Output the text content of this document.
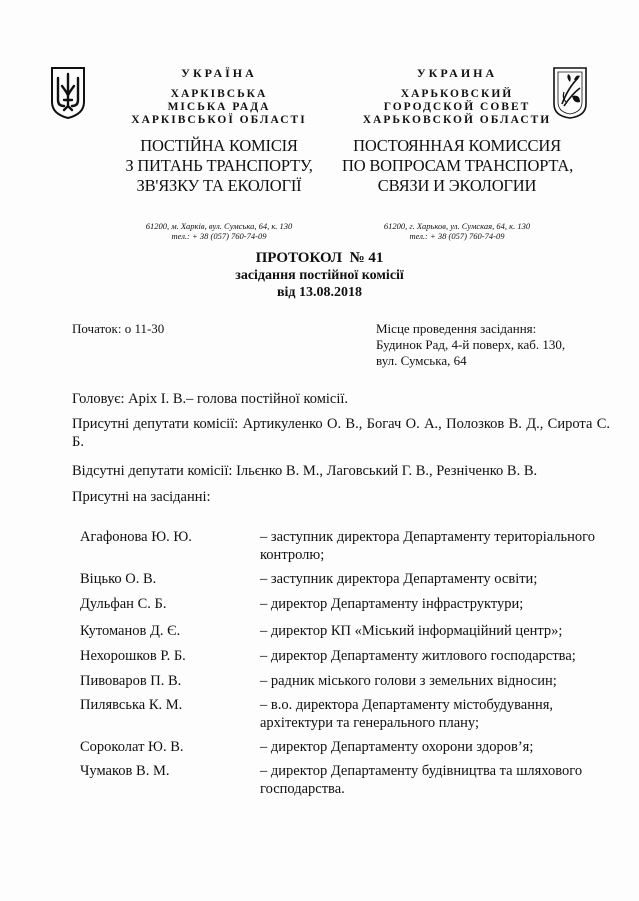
УКРАЇНА
ХАРКІВСЬКА
МІСЬКА РАДА
ХАРКІВСЬКОЇ ОБЛАСТІ
ПОСТІЙНА КОМІСІЯ
З ПИТАНЬ ТРАНСПОРТУ,
ЗВ'ЯЗКУ ТА ЕКОЛОГІЇ
61200, м. Харків, вул. Сумська, 64, к. 130
тел.: + 38 (057) 760-74-09
УКРАИНА
ХАРЬКОВСКИЙ
ГОРОДСКОЙ СОВЕТ
ХАРЬКОВСКОЙ ОБЛАСТИ
ПОСТОЯННАЯ КОМИССИЯ
ПО ВОПРОСАМ ТРАНСПОРТА,
СВЯЗИ И ЭКОЛОГИИ
61200, г. Харьков, ул. Сумская, 64, к. 130
тел.: + 38 (057) 760-74-09
ПРОТОКОЛ  № 41
засідання постійної комісії
від 13.08.2018
Початок: о 11-30	Місце проведення засідання:
Будинок Рад, 4-й поверх, каб. 130,
вул. Сумська, 64
Головує: Аріх І. В.– голова постійної комісії.
Присутні депутати комісії: Артикуленко О. В., Богач О. А., Полозков В. Д., Сирота С. Б.
Відсутні депутати комісії: Ільєнко В. М., Лаговський Г. В., Резніченко В. В.
Присутні на засіданні:
Агафонова Ю. Ю.	– заступник директора Департаменту територіального контролю;
Віцько О. В.	– заступник директора Департаменту освіти;
Дульфан С. Б.	– директор Департаменту інфраструктури;
Кутоманов Д. Є.	– директор КП «Міський інформаційний центр»;
Нехорошков Р. Б.	– директор Департаменту житлового господарства;
Пивоваров П. В.	– радник міського голови з земельних відносин;
Пилявська К. М.	– в.о. директора Департаменту містобудування, архітектури та генерального плану;
Сороколат Ю. В.	– директор Департаменту охорони здоров’я;
Чумаков В. М.	– директор Департаменту будівництва та шляхового господарства.
